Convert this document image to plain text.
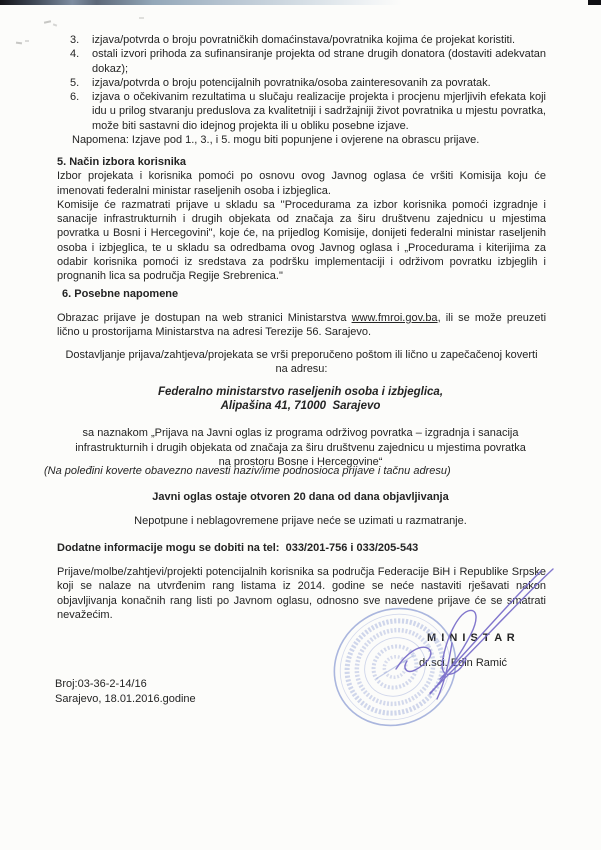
3.	izjava/potvrda o broju povratničkih domaćinstava/povratnika kojima će projekat koristiti.
4.	ostali izvori prihoda za sufinansiranje projekta od strane drugih donatora (dostaviti adekvatan dokaz);
5.	izjava/potvrda o broju potencijalnih povratnika/osoba zainteresovanih za povratak.
6.	izjava o očekivanim rezultatima u slučaju realizacije projekta i procjenu mjerljivih efekata koji idu u prilog stvaranju preduslova za kvalitetniji i sadržajniji život povratnika u mjestu povratka, može biti sastavni dio idejnog projekta ili u obliku posebne izjave.
Napomena: Izjave pod 1., 3., i 5. mogu biti popunjene i ovjerene na obrascu prijave.
5. Način izbora korisnika

Izbor projekata i korisnika pomoći po osnovu ovog Javnog oglasa će vršiti Komisija koju će imenovati federalni ministar raseljenih osoba i izbjeglica.

Komisije će razmatrati prijave u skladu sa ''Procedurama za izbor korisnika pomoći izgradnje i sanacije infrastrukturnih i drugih objekata od značaja za širu društvenu zajednicu u mjestima povratka u Bosni i Hercegovini", koje će, na prijedlog Komisije, donijeti federalni ministar raseljenih osoba i izbjeglica, te u skladu sa odredbama ovog Javnog oglasa i „Procedurama i kiterijima za odabir korisnika pomoći iz sredstava za podršku implementaciji i održivom povratku izbjeglih i prognanih lica sa područja Regije Srebrenica."

6. Posebne napomene

Obrazac prijave je dostupan na web stranici Ministarstva www.fmroi.gov.ba, ili se može preuzeti lično u prostorijama Ministarstva na adresi Terezije 56. Sarajevo.

Dostavljanje prijava/zahtjeva/projekata se vrši preporučeno poštom ili lično u zapečačenoj koverti
na adresu:
Federalno ministarstvo raseljenih osoba i izbjeglica,
Alipašina 41, 71000  Sarajevo
sa naznakom „Prijava na Javni oglas iz programa održivog povratka – izgradnja i sanacija
infrastrukturnih i drugih objekata od značaja za širu društvenu zajednicu u mjestima povratka
na prostoru Bosne i Hercegovine“
(Na poleđini koverte obavezno navesti naziv/ime podnosioca prijave i tačnu adresu)
Javni oglas ostaje otvoren 20 dana od dana objavljivanja
Nepotpune i neblagovremene prijave neće se uzimati u razmatranje.
Dodatne informacije mogu se dobiti na tel:  033/201-756 i 033/205-543

Prijave/molbe/zahtjevi/projekti potencijalnih korisnika sa područja Federacije BiH i Republike Srpske koji se nalaze na utvrđenim rang listama iz 2014. godine se neće nastaviti rješavati nakon objavljivanja konačnih rang listi po Javnom oglasu, odnosno sve navedene prijave će se smatrati nevažećim.

M I N I S T A R
dr.sci. Edin Ramić
Broj:03-36-2-14/16
Sarajevo, 18.01.2016.godine
